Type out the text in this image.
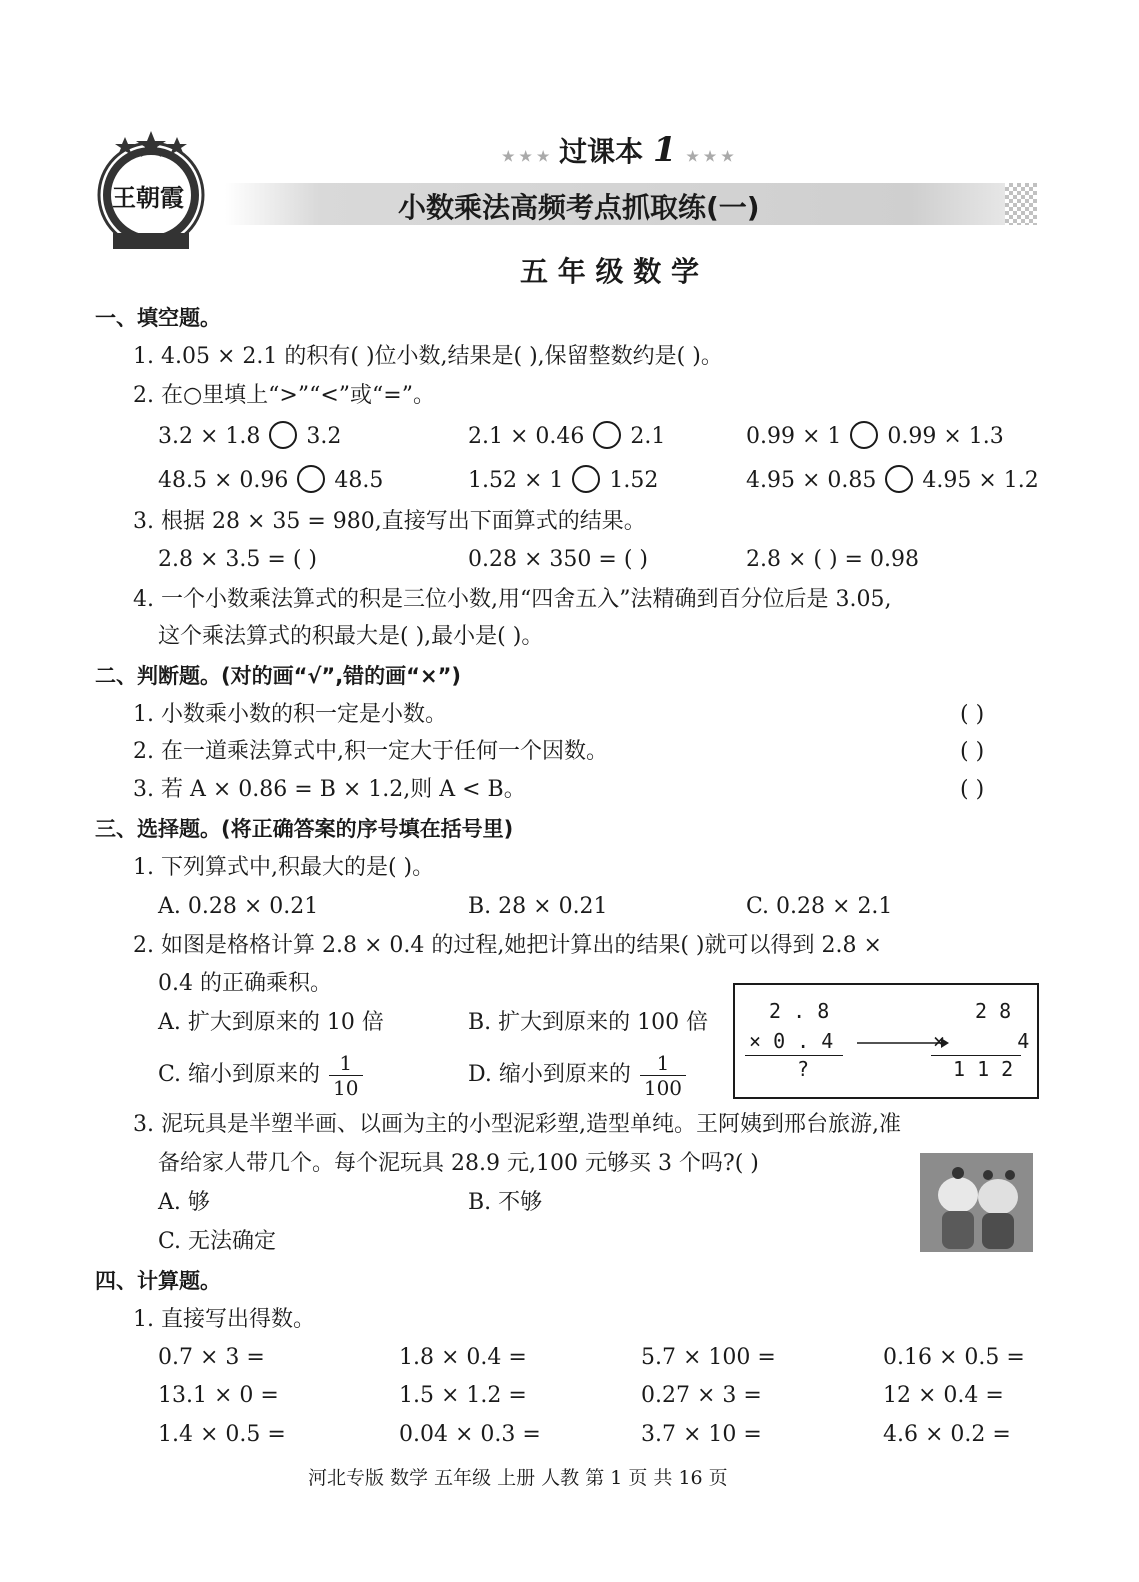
王朝霞
★ ★ ★ 过课本 1 ★ ★ ★
小数乘法高频考点抓取练(一)
五 年 级 数 学
一、填空题。
1. 4.05 × 2.1 的积有( )位小数,结果是( ),保留整数约是( )。
2. 在○里填上“>”“<”或“=”。
3.2 × 1.8 3.2	2.1 × 0.46 2.1	0.99 × 1 0.99 × 1.3
48.5 × 0.96 48.5	1.52 × 1 1.52	4.95 × 0.85 4.95 × 1.2
3. 根据 28 × 35 = 980,直接写出下面算式的结果。
2.8 × 3.5 = ( )	0.28 × 350 = ( )	2.8 × ( ) = 0.98
4. 一个小数乘法算式的积是三位小数,用“四舍五入”法精确到百分位后是 3.05,
这个乘法算式的积最大是( ),最小是( )。
二、判断题。(对的画“√”,错的画“×”)
1. 小数乘小数的积一定是小数。	( )
2. 在一道乘法算式中,积一定大于任何一个因数。	( )
3. 若 A × 0.86 = B × 1.2,则 A < B。	( )
三、选择题。(将正确答案的序号填在括号里)
1. 下列算式中,积最大的是( )。
A. 0.28 × 0.21	B. 28 × 0.21	C. 0.28 × 2.1
2. 如图是格格计算 2.8 × 0.4 的过程,她把计算出的结果( )就可以得到 2.8 ×
0.4 的正确乘积。
A. 扩大到原来的 10 倍	B. 扩大到原来的 100 倍
C. 缩小到原来的 $\frac{1}{10}$	D. 缩小到原来的 $\frac{1}{100}$
2 . 8
× 0 . 4
?
2 8
×      4
1 1 2
3. 泥玩具是半塑半画、以画为主的小型泥彩塑,造型单纯。王阿姨到邢台旅游,准
备给家人带几个。每个泥玩具 28.9 元,100 元够买 3 个吗?( )
A. 够	B. 不够
C. 无法确定
四、计算题。
1. 直接写出得数。
0.7 × 3 =	1.8 × 0.4 =	5.7 × 100 =	0.16 × 0.5 =
13.1 × 0 =	1.5 × 1.2 =	0.27 × 3 =	12 × 0.4 =
1.4 × 0.5 =	0.04 × 0.3 =	3.7 × 10 =	4.6 × 0.2 =
河北专版 数学 五年级 上册 人教 第 1 页 共 16 页
